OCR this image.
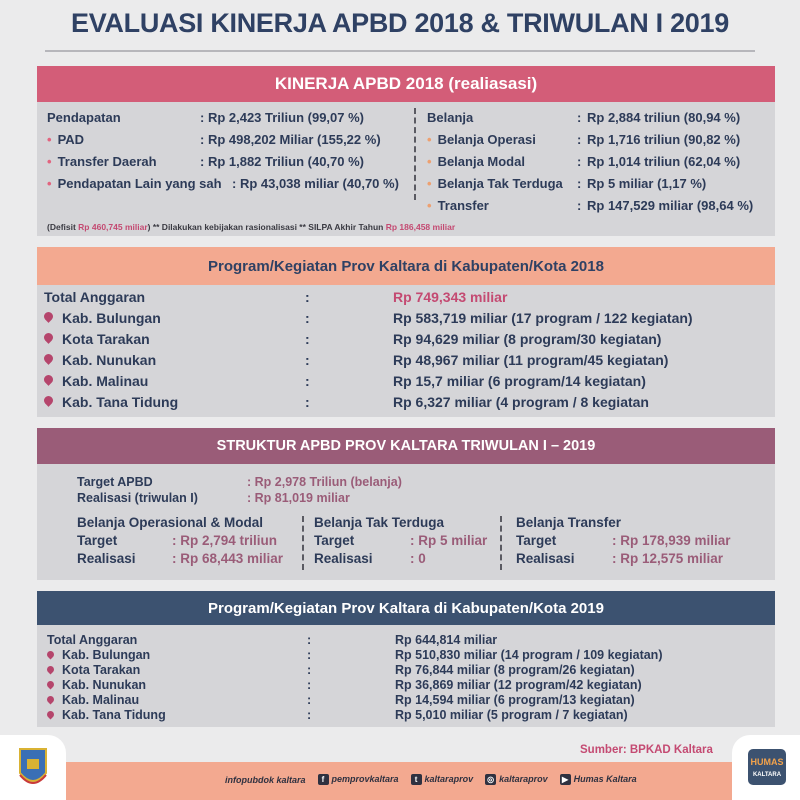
EVALUASI KINERJA APBD 2018 & TRIWULAN I 2019
KINERJA APBD 2018 (realiasasi)
Pendapatan	: Rp 2,423 Triliun (99,07 %)
• PAD	: Rp 498,202 Miliar (155,22 %)
• Transfer Daerah	: Rp 1,882 Triliun (40,70 %)
• Pendapatan Lain yang sah : Rp 43,038 miliar (40,70 %)
Belanja	: Rp 2,884 triliun (80,94 %)
• Belanja Operasi	: Rp 1,716 triliun (90,82 %)
• Belanja Modal	: Rp 1,014 triliun (62,04 %)
• Belanja Tak Terduga : Rp 5 miliar (1,17 %)
• Transfer	: Rp 147,529 miliar (98,64 %)
(Defisit Rp 460,745 miliar) ** Dilakukan kebijakan rasionalisasi ** SILPA Akhir Tahun Rp 186,458 miliar
Program/Kegiatan Prov Kaltara di Kabupaten/Kota 2018
Total Anggaran	:	Rp 749,343 miliar
Kab. Bulungan	:	Rp 583,719 miliar (17 program / 122 kegiatan)
Kota Tarakan	:	Rp 94,629 miliar (8 program/30 kegiatan)
Kab. Nunukan	:	Rp 48,967 miliar (11 program/45 kegiatan)
Kab. Malinau	:	Rp 15,7 miliar (6 program/14 kegiatan)
Kab. Tana Tidung	:	Rp 6,327 miliar (4 program / 8 kegiatan
STRUKTUR APBD PROV KALTARA TRIWULAN I – 2019
Target APBD	: Rp 2,978 Triliun (belanja)
Realisasi (triwulan I)	: Rp 81,019 miliar
Belanja Operasional & Modal
Target	: Rp 2,794 triliun
Realisasi	: Rp 68,443 miliar
Belanja Tak Terduga
Target	: Rp 5 miliar
Realisasi	: 0
Belanja Transfer
Target	: Rp 178,939 miliar
Realisasi	: Rp 12,575 miliar
Program/Kegiatan Prov Kaltara di Kabupaten/Kota 2019
Total Anggaran	:	Rp 644,814 miliar
Kab. Bulungan	:	Rp 510,830 miliar (14 program / 109 kegiatan)
Kota Tarakan	:	Rp 76,844 miliar (8 program/26 kegiatan)
Kab. Nunukan	:	Rp 36,869 miliar (12 program/42 kegiatan)
Kab. Malinau	:	Rp 14,594 miliar (6 program/13 kegiatan)
Kab. Tana Tidung	:	Rp 5,010 miliar (5 program / 7 kegiatan)
Sumber: BPKAD Kaltara
infopubdok kaltara	f pemprovkaltara	t kaltaraprov ◎ kaltaraprov	▶ Humas Kaltara
HUMAS
KALTARA
